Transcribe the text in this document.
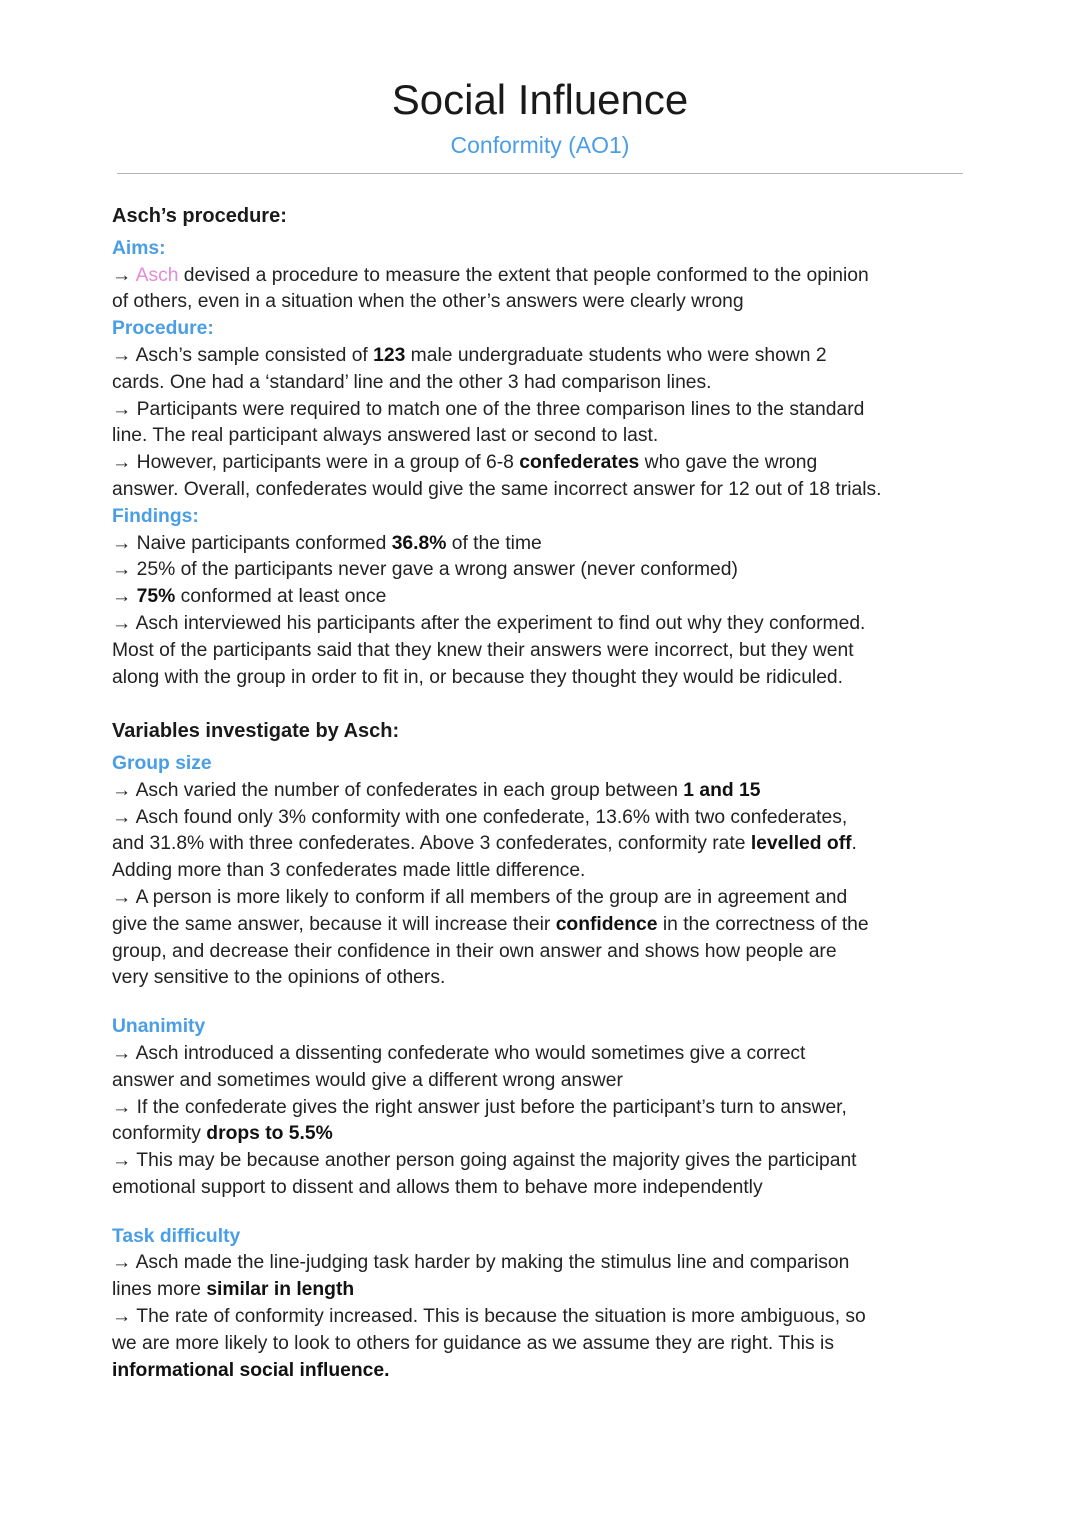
Social Influence
Conformity (AO1)
Asch’s procedure:
Aims:
→ Asch devised a procedure to measure the extent that people conformed to the opinion
of others, even in a situation when the other’s answers were clearly wrong
Procedure:
→ Asch’s sample consisted of 123 male undergraduate students who were shown 2
cards. One had a ‘standard’ line and the other 3 had comparison lines.
→ Participants were required to match one of the three comparison lines to the standard
line. The real participant always answered last or second to last.
→ However, participants were in a group of 6-8 confederates who gave the wrong
answer. Overall, confederates would give the same incorrect answer for 12 out of 18 trials.
Findings:
→ Naive participants conformed 36.8% of the time
→ 25% of the participants never gave a wrong answer (never conformed)
→ 75% conformed at least once
→ Asch interviewed his participants after the experiment to find out why they conformed.
Most of the participants said that they knew their answers were incorrect, but they went
along with the group in order to fit in, or because they thought they would be ridiculed.
Variables investigate by Asch:
Group size
→ Asch varied the number of confederates in each group between 1 and 15
→ Asch found only 3% conformity with one confederate, 13.6% with two confederates,
and 31.8% with three confederates. Above 3 confederates, conformity rate levelled off.
Adding more than 3 confederates made little difference.
→ A person is more likely to conform if all members of the group are in agreement and
give the same answer, because it will increase their confidence in the correctness of the
group, and decrease their confidence in their own answer and shows how people are
very sensitive to the opinions of others.
Unanimity
→ Asch introduced a dissenting confederate who would sometimes give a correct
answer and sometimes would give a different wrong answer
→ If the confederate gives the right answer just before the participant’s turn to answer,
conformity drops to 5.5%
→ This may be because another person going against the majority gives the participant
emotional support to dissent and allows them to behave more independently
Task difficulty
→ Asch made the line-judging task harder by making the stimulus line and comparison
lines more similar in length
→ The rate of conformity increased. This is because the situation is more ambiguous, so
we are more likely to look to others for guidance as we assume they are right. This is
informational social influence.
